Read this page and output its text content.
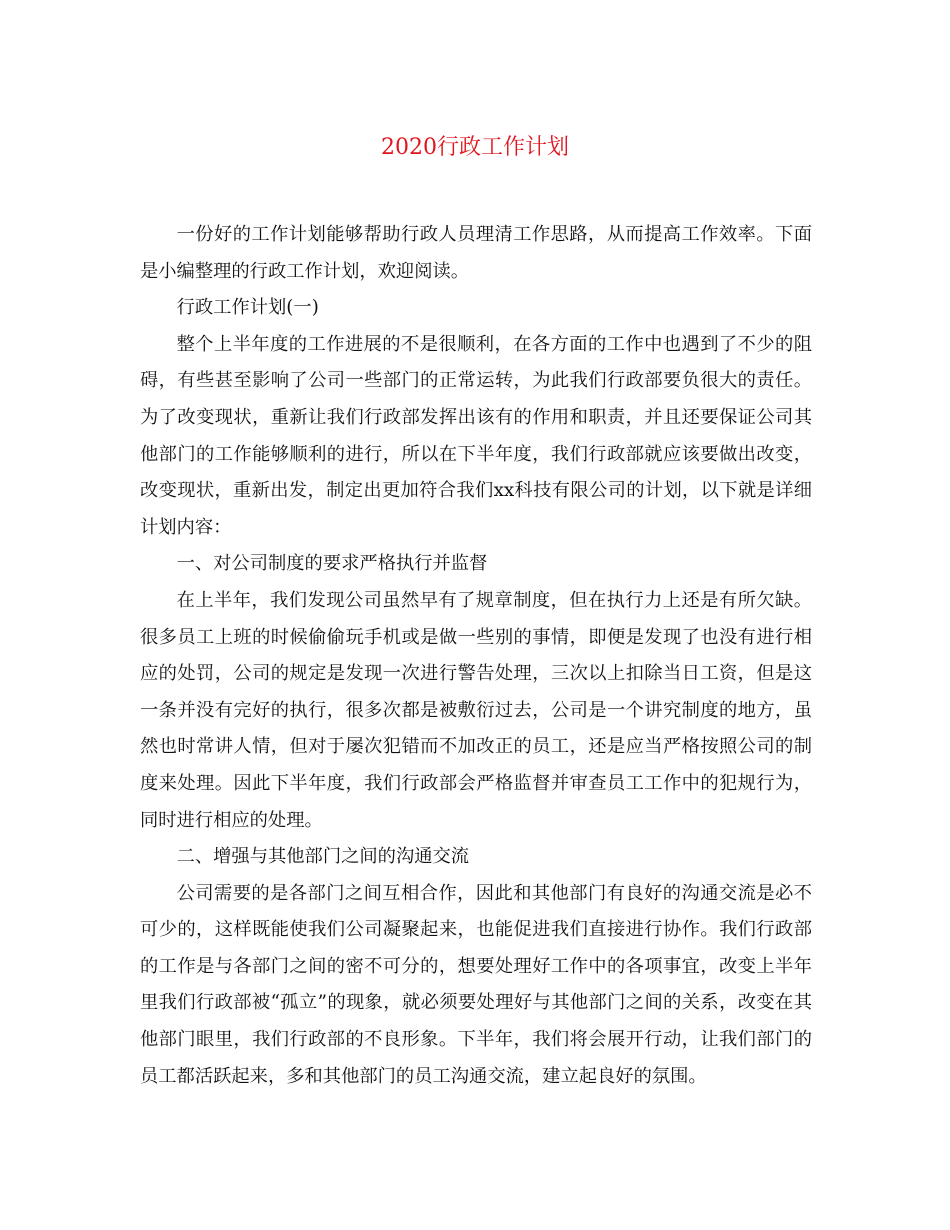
2020行政工作计划

一份好的工作计划能够帮助行政人员理清工作思路，从而提高工作效率。下面是小编整理的行政工作计划，欢迎阅读。

行政工作计划(一)

整个上半年度的工作进展的不是很顺利，在各方面的工作中也遇到了不少的阻碍，有些甚至影响了公司一些部门的正常运转，为此我们行政部要负很大的责任。为了改变现状，重新让我们行政部发挥出该有的作用和职责，并且还要保证公司其他部门的工作能够顺利的进行，所以在下半年度，我们行政部就应该要做出改变，改变现状，重新出发，制定出更加符合我们xx科技有限公司的计划，以下就是详细计划内容：

一、对公司制度的要求严格执行并监督

在上半年，我们发现公司虽然早有了规章制度，但在执行力上还是有所欠缺。很多员工上班的时候偷偷玩手机或是做一些别的事情，即便是发现了也没有进行相应的处罚，公司的规定是发现一次进行警告处理，三次以上扣除当日工资，但是这一条并没有完好的执行，很多次都是被敷衍过去，公司是一个讲究制度的地方，虽然也时常讲人情，但对于屡次犯错而不加改正的员工，还是应当严格按照公司的制度来处理。因此下半年度，我们行政部会严格监督并审查员工工作中的犯规行为，同时进行相应的处理。

二、增强与其他部门之间的沟通交流

公司需要的是各部门之间互相合作，因此和其他部门有良好的沟通交流是必不可少的，这样既能使我们公司凝聚起来，也能促进我们直接进行协作。我们行政部的工作是与各部门之间的密不可分的，想要处理好工作中的各项事宜，改变上半年里我们行政部被“孤立”的现象，就必须要处理好与其他部门之间的关系，改变在其他部门眼里，我们行政部的不良形象。下半年，我们将会展开行动，让我们部门的员工都活跃起来，多和其他部门的员工沟通交流，建立起良好的氛围。
